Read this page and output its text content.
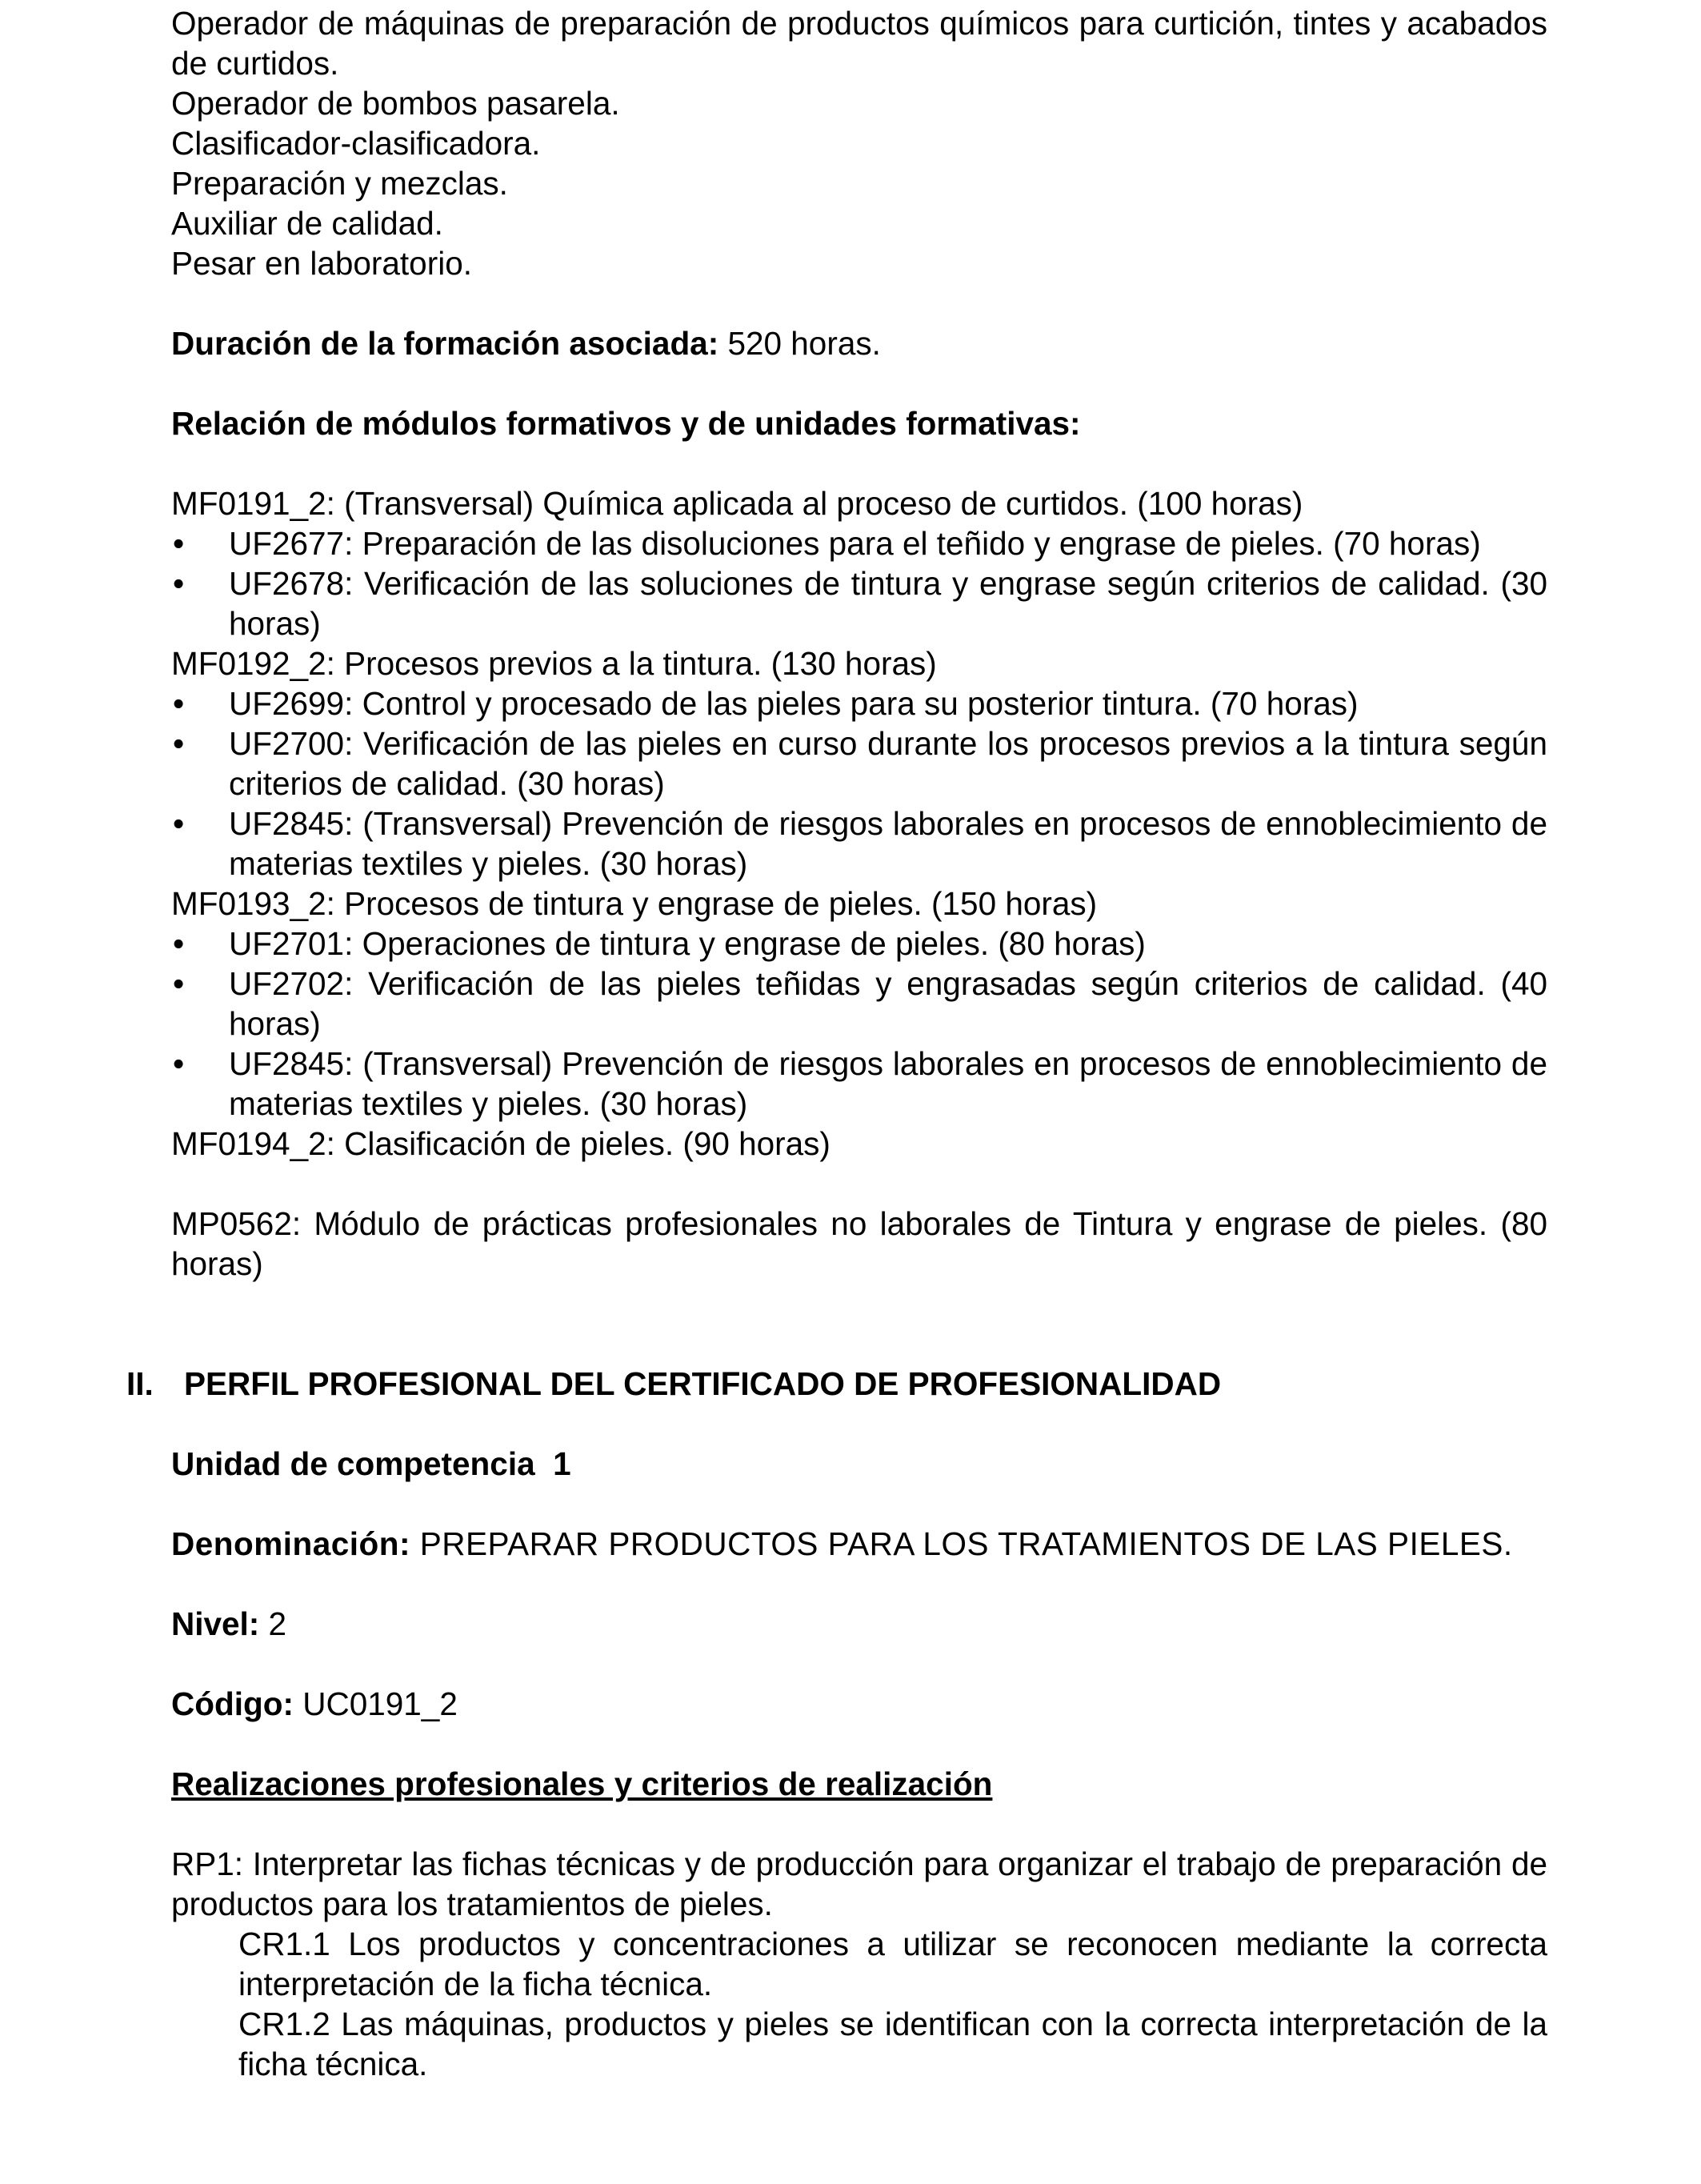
Operador de máquinas de preparación de productos químicos para curtición, tintes y acabados de curtidos.

Operador de bombos pasarela.

Clasificador-clasificadora.

Preparación y mezclas.

Auxiliar de calidad.

Pesar en laboratorio.

Duración de la formación asociada: 520 horas.

Relación de módulos formativos y de unidades formativas:

MF0191_2: (Transversal) Química aplicada al proceso de curtidos. (100 horas)

• UF2677: Preparación de las disoluciones para el teñido y engrase de pieles. (70 horas)
• UF2678: Verificación de las soluciones de tintura y engrase según criterios de calidad. (30 horas)

MF0192_2: Procesos previos a la tintura. (130 horas)

• UF2699: Control y procesado de las pieles para su posterior tintura. (70 horas)
• UF2700: Verificación de las pieles en curso durante los procesos previos a la tintura según criterios de calidad. (30 horas)
• UF2845: (Transversal) Prevención de riesgos laborales en procesos de ennoblecimiento de materias textiles y pieles. (30 horas)

MF0193_2: Procesos de tintura y engrase de pieles. (150 horas)

• UF2701: Operaciones de tintura y engrase de pieles. (80 horas)
• UF2702: Verificación de las pieles teñidas y engrasadas según criterios de calidad. (40 horas)
• UF2845: (Transversal) Prevención de riesgos laborales en procesos de ennoblecimiento de materias textiles y pieles. (30 horas)

MF0194_2: Clasificación de pieles. (90 horas)

MP0562: Módulo de prácticas profesionales no laborales de Tintura y engrase de pieles. (80 horas)

II. PERFIL PROFESIONAL DEL CERTIFICADO DE PROFESIONALIDAD

Unidad de competencia  1

Denominación: PREPARAR PRODUCTOS PARA LOS TRATAMIENTOS DE LAS PIELES.

Nivel: 2

Código: UC0191_2

Realizaciones profesionales y criterios de realización

RP1: Interpretar las fichas técnicas y de producción para organizar el trabajo de preparación de productos para los tratamientos de pieles.

CR1.1 Los productos y concentraciones a utilizar se reconocen mediante la correcta interpretación de la ficha técnica.

CR1.2 Las máquinas, productos y pieles se identifican con la correcta interpretación de la ficha técnica.
